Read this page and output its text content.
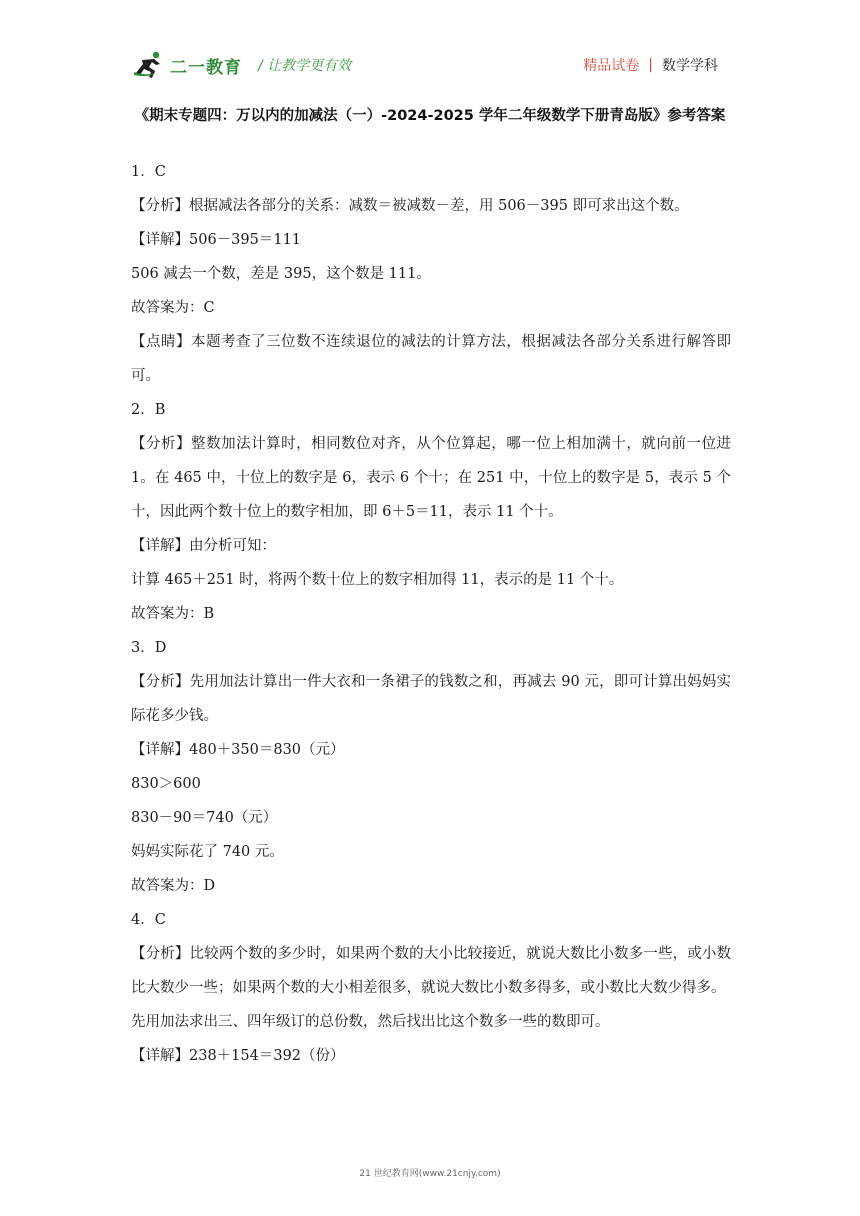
二一教育 / 让教学更有效	精品试卷 | 数学学科
《期末专题四：万以内的加减法（一）-2024-2025 学年二年级数学下册青岛版》参考答案
1．C
【分析】根据减法各部分的关系：减数＝被减数－差，用 506－395 即可求出这个数。
【详解】506－395＝111
506 减去一个数，差是 395，这个数是 111。
故答案为：C
【点睛】本题考查了三位数不连续退位的减法的计算方法，根据减法各部分关系进行解答即可。
2．B
【分析】整数加法计算时，相同数位对齐，从个位算起，哪一位上相加满十，就向前一位进 1。在 465 中，十位上的数字是 6，表示 6 个十；在 251 中，十位上的数字是 5，表示 5 个十，因此两个数十位上的数字相加，即 6＋5＝11，表示 11 个十。
【详解】由分析可知：
计算 465＋251 时，将两个数十位上的数字相加得 11，表示的是 11 个十。
故答案为：B
3．D
【分析】先用加法计算出一件大衣和一条裙子的钱数之和，再减去 90 元，即可计算出妈妈实际花多少钱。
【详解】480＋350＝830（元）
830＞600
830－90＝740（元）
妈妈实际花了 740 元。
故答案为：D
4．C
【分析】比较两个数的多少时，如果两个数的大小比较接近，就说大数比小数多一些，或小数比大数少一些；如果两个数的大小相差很多，就说大数比小数多得多，或小数比大数少得多。
先用加法求出三、四年级订的总份数，然后找出比这个数多一些的数即可。
【详解】238＋154＝392（份）
21 世纪教育网(www.21cnjy.com)
